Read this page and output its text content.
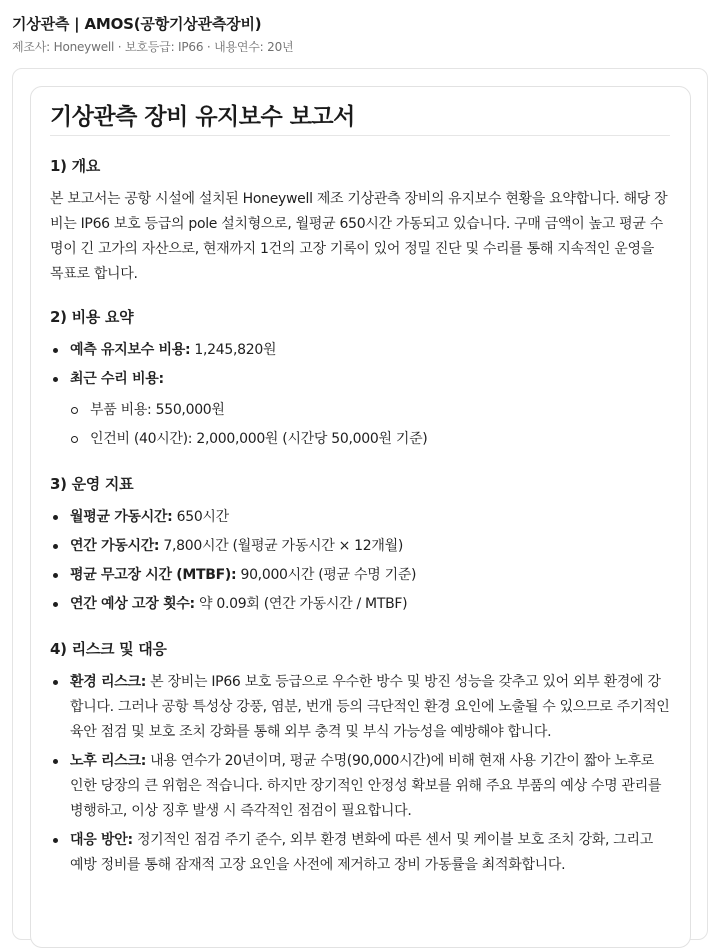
기상관측 | AMOS(공항기상관측장비)
제조사: Honeywell · 보호등급: IP66 · 내용연수: 20년
기상관측 장비 유지보수 보고서
1) 개요
본 보고서는 공항 시설에 설치된 Honeywell 제조 기상관측 장비의 유지보수 현황을 요약합니다. 해당 장비는 IP66 보호 등급의 pole 설치형으로, 월평균 650시간 가동되고 있습니다. 구매 금액이 높고 평균 수명이 긴 고가의 자산으로, 현재까지 1건의 고장 기록이 있어 정밀 진단 및 수리를 통해 지속적인 운영을 목표로 합니다.
2) 비용 요약
예측 유지보수 비용: 1,245,820원
최근 수리 비용:
부품 비용: 550,000원
인건비 (40시간): 2,000,000원 (시간당 50,000원 기준)
3) 운영 지표
월평균 가동시간: 650시간
연간 가동시간: 7,800시간 (월평균 가동시간 × 12개월)
평균 무고장 시간 (MTBF): 90,000시간 (평균 수명 기준)
연간 예상 고장 횟수: 약 0.09회 (연간 가동시간 / MTBF)
4) 리스크 및 대응
환경 리스크: 본 장비는 IP66 보호 등급으로 우수한 방수 및 방진 성능을 갖추고 있어 외부 환경에 강합니다. 그러나 공항 특성상 강풍, 염분, 번개 등의 극단적인 환경 요인에 노출될 수 있으므로 주기적인 육안 점검 및 보호 조치 강화를 통해 외부 충격 및 부식 가능성을 예방해야 합니다.
노후 리스크: 내용 연수가 20년이며, 평균 수명(90,000시간)에 비해 현재 사용 기간이 짧아 노후로 인한 당장의 큰 위험은 적습니다. 하지만 장기적인 안정성 확보를 위해 주요 부품의 예상 수명 관리를 병행하고, 이상 징후 발생 시 즉각적인 점검이 필요합니다.
대응 방안: 정기적인 점검 주기 준수, 외부 환경 변화에 따른 센서 및 케이블 보호 조치 강화, 그리고 예방 정비를 통해 잠재적 고장 요인을 사전에 제거하고 장비 가동률을 최적화합니다.
